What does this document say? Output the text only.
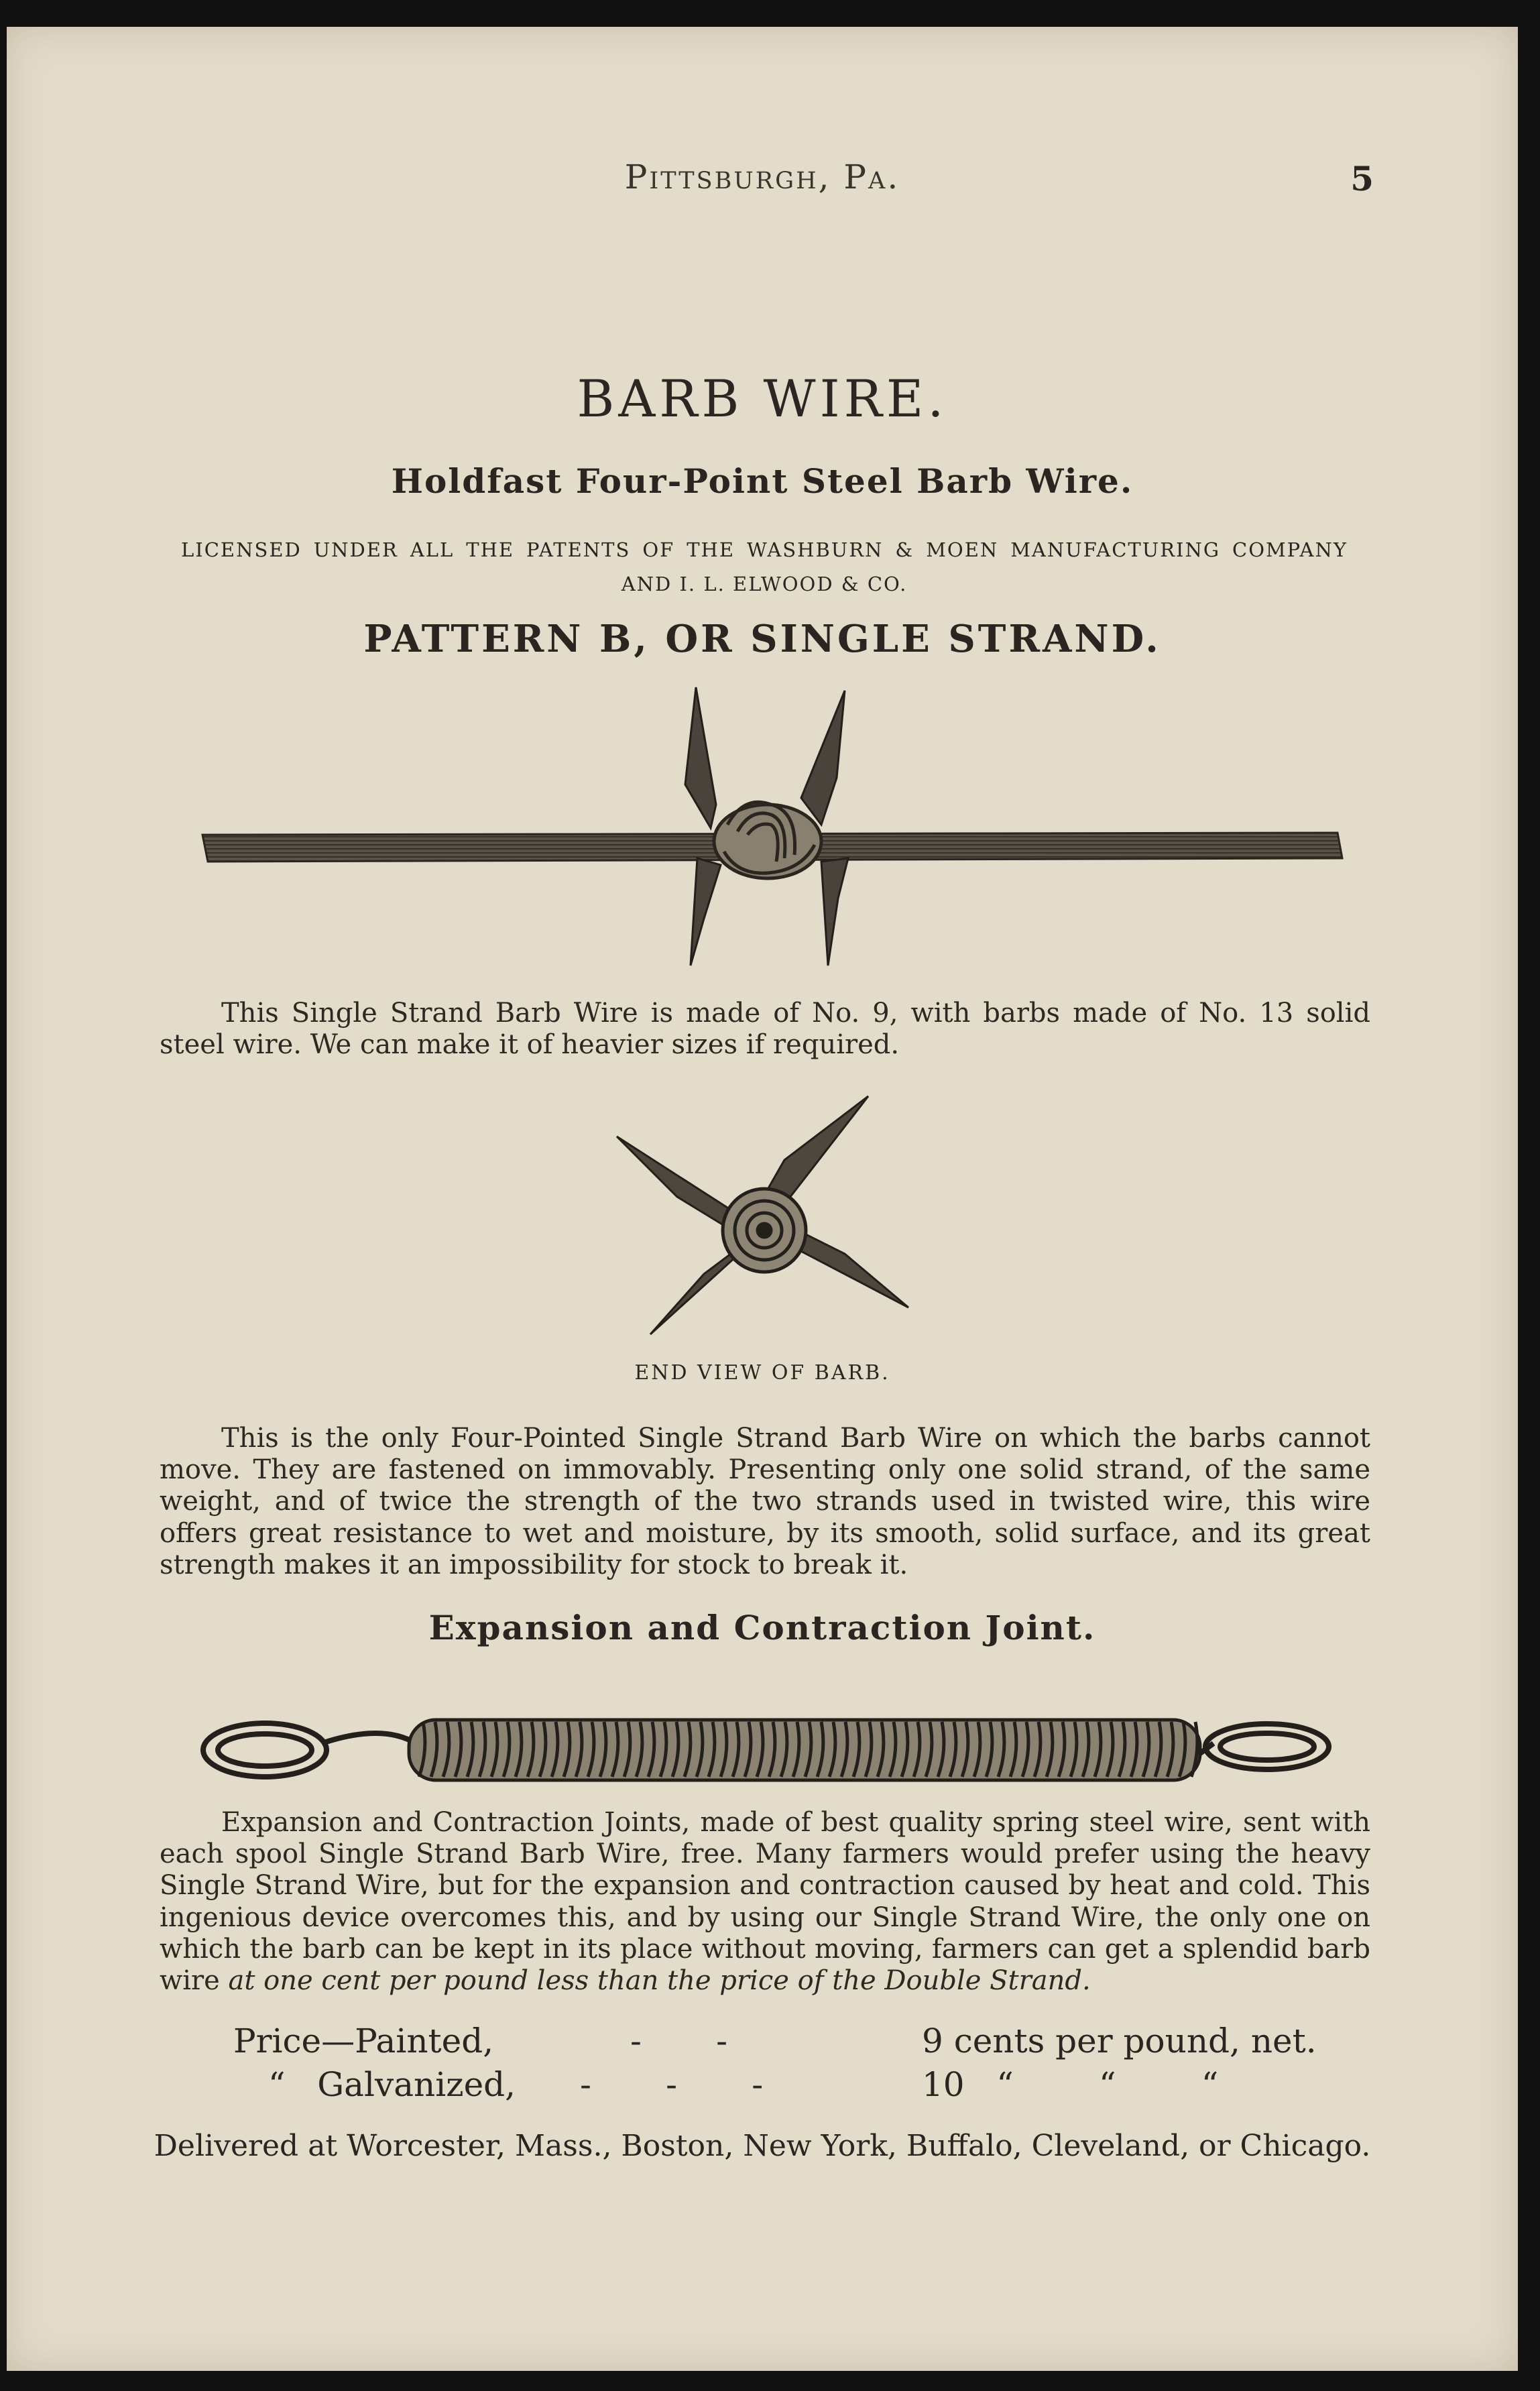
Pittsburgh, Pa.	5
BARB WIRE.
Holdfast Four-Point Steel Barb Wire.
LICENSED UNDER ALL THE PATENTS OF THE WASHBURN & MOEN MANUFACTURING COMPANY AND I. L. ELWOOD & CO.
PATTERN B, OR SINGLE STRAND.
This Single Strand Barb Wire is made of No. 9, with barbs made of No. 13 solid steel wire. We can make it of heavier sizes if required.
END VIEW OF BARB.
This is the only Four-Pointed Single Strand Barb Wire on which the barbs cannot move. They are fastened on immovably. Presenting only one solid strand, of the same weight, and of twice the strength of the two strands used in twisted wire, this wire offers great resistance to wet and moisture, by its smooth, solid surface, and its great strength makes it an impossibility for stock to break it.
Expansion and Contraction Joint.
Expansion and Contraction Joints, made of best quality spring steel wire, sent with each spool Single Strand Barb Wire, free. Many farmers would prefer using the heavy Single Strand Wire, but for the expansion and contraction caused by heat and cold. This ingenious device overcomes this, and by using our Single Strand Wire, the only one on which the barb can be kept in its place without moving, farmers can get a splendid barb wire at one cent per pound less than the price of the Double Strand.
Price—Painted,	-       -	9 cents per pound, net.
“   Galvanized, -       -       -	10   “        “        “
Delivered at Worcester, Mass., Boston, New York, Buffalo, Cleveland, or Chicago.
